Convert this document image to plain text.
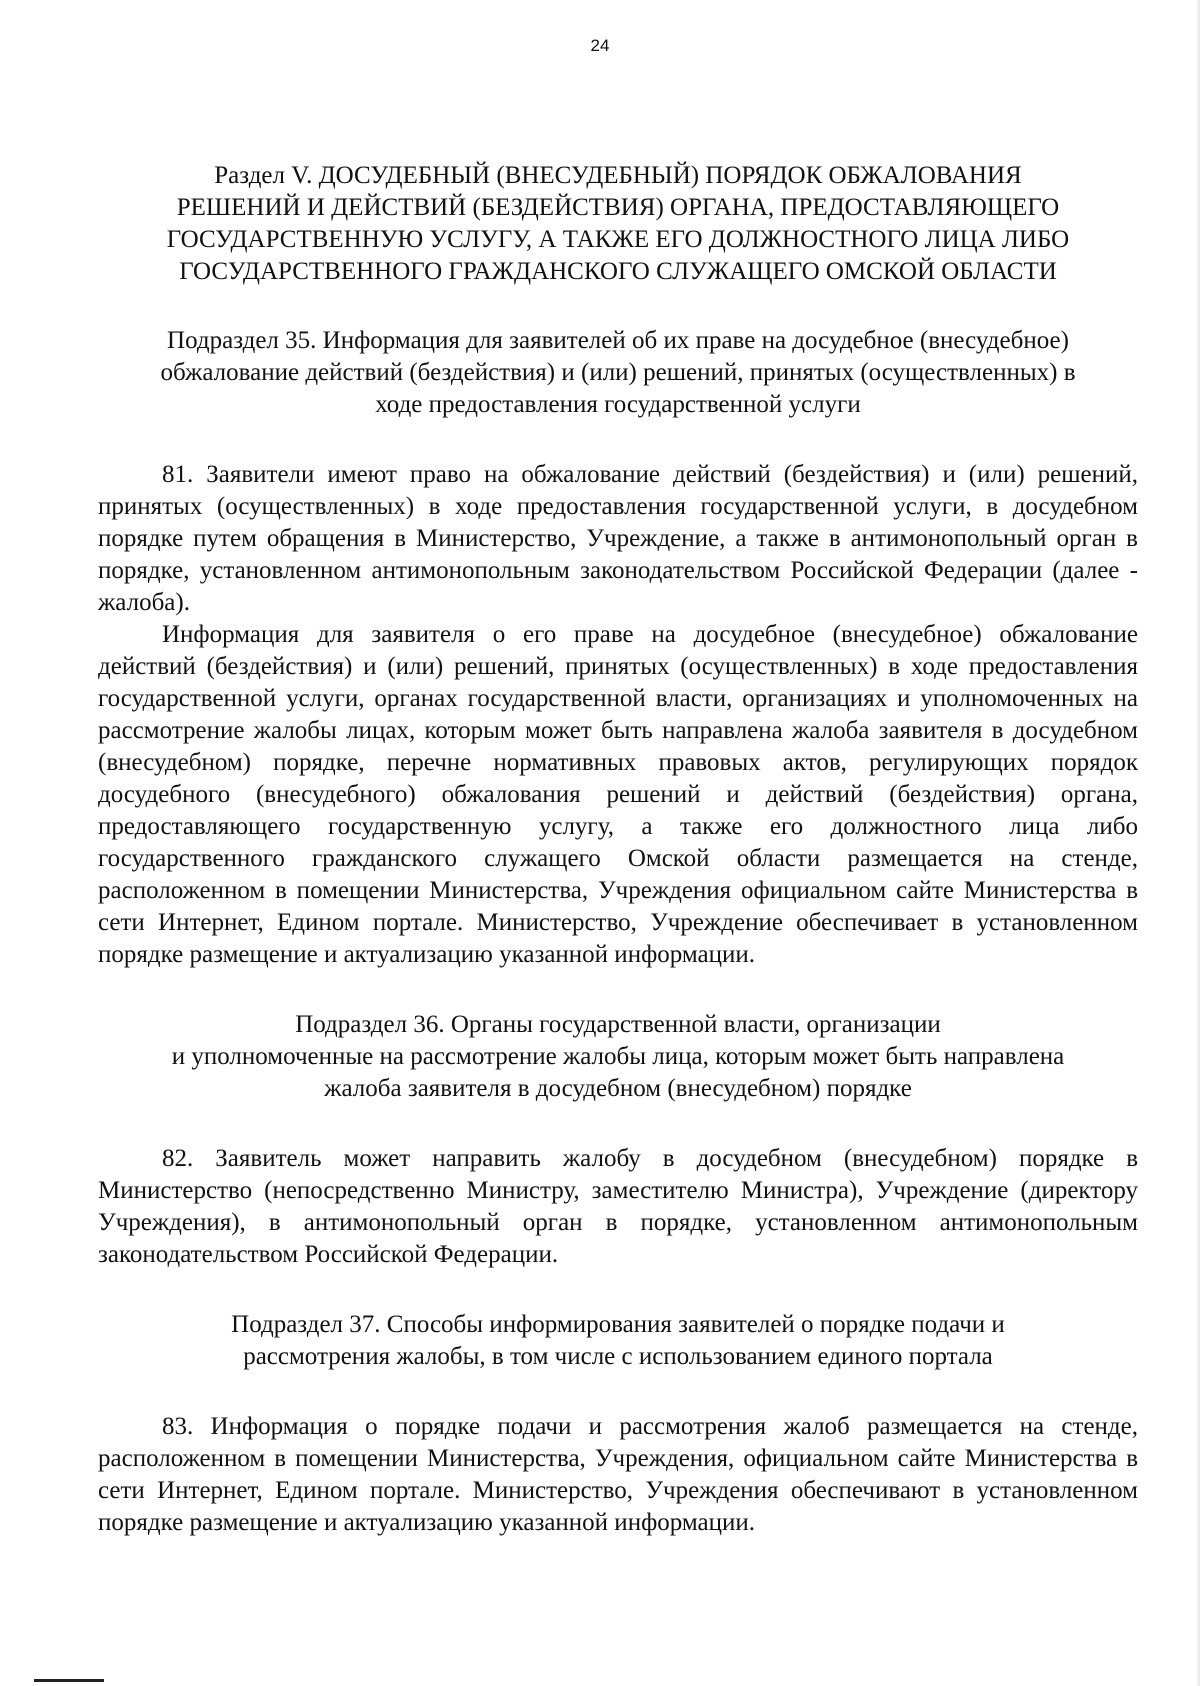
24
Раздел V. ДОСУДЕБНЫЙ (ВНЕСУДЕБНЫЙ) ПОРЯДОК ОБЖАЛОВАНИЯ
РЕШЕНИЙ И ДЕЙСТВИЙ (БЕЗДЕЙСТВИЯ) ОРГАНА, ПРЕДОСТАВЛЯЮЩЕГО
ГОСУДАРСТВЕННУЮ УСЛУГУ, А ТАКЖЕ ЕГО ДОЛЖНОСТНОГО ЛИЦА ЛИБО
ГОСУДАРСТВЕННОГО ГРАЖДАНСКОГО СЛУЖАЩЕГО ОМСКОЙ ОБЛАСТИ
Подраздел 35. Информация для заявителей об их праве на досудебное (внесудебное)
обжалование действий (бездействия) и (или) решений, принятых (осуществленных) в
ходе предоставления государственной услуги

81. Заявители имеют право на обжалование действий (бездействия) и (или) решений, принятых (осуществленных) в ходе предоставления государственной услуги, в досудебном порядке путем обращения в Министерство, Учреждение, а также в антимонопольный орган в порядке, установленном антимонопольным законодательством Российской Федерации (далее - жалоба).

Информация для заявителя о его праве на досудебное (внесудебное) обжалование действий (бездействия) и (или) решений, принятых (осуществленных) в ходе предоставления государственной услуги, органах государственной власти, организациях и уполномоченных на рассмотрение жалобы лицах, которым может быть направлена жалоба заявителя в досудебном (внесудебном) порядке, перечне нормативных правовых актов, регулирующих порядок досудебного (внесудебного) обжалования решений и действий (бездействия) органа, предоставляющего государственную услугу, а также его должностного лица либо государственного гражданского служащего Омской области размещается на стенде, расположенном в помещении Министерства, Учреждения официальном сайте Министерства в сети Интернет, Едином портале. Министерство, Учреждение обеспечивает в установленном порядке размещение и актуализацию указанной информации.

Подраздел 36. Органы государственной власти, организации
и уполномоченные на рассмотрение жалобы лица, которым может быть направлена
жалоба заявителя в досудебном (внесудебном) порядке

82. Заявитель может направить жалобу в досудебном (внесудебном) порядке в Министерство (непосредственно Министру, заместителю Министра), Учреждение (директору Учреждения), в антимонопольный орган в порядке, установленном антимонопольным законодательством Российской Федерации.

Подраздел 37. Способы информирования заявителей о порядке подачи и
рассмотрения жалобы, в том числе с использованием единого портала

83. Информация о порядке подачи и рассмотрения жалоб размещается на стенде, расположенном в помещении Министерства, Учреждения, официальном сайте Министерства в сети Интернет, Едином портале. Министерство, Учреждения обеспечивают в установленном порядке размещение и актуализацию указанной информации.
